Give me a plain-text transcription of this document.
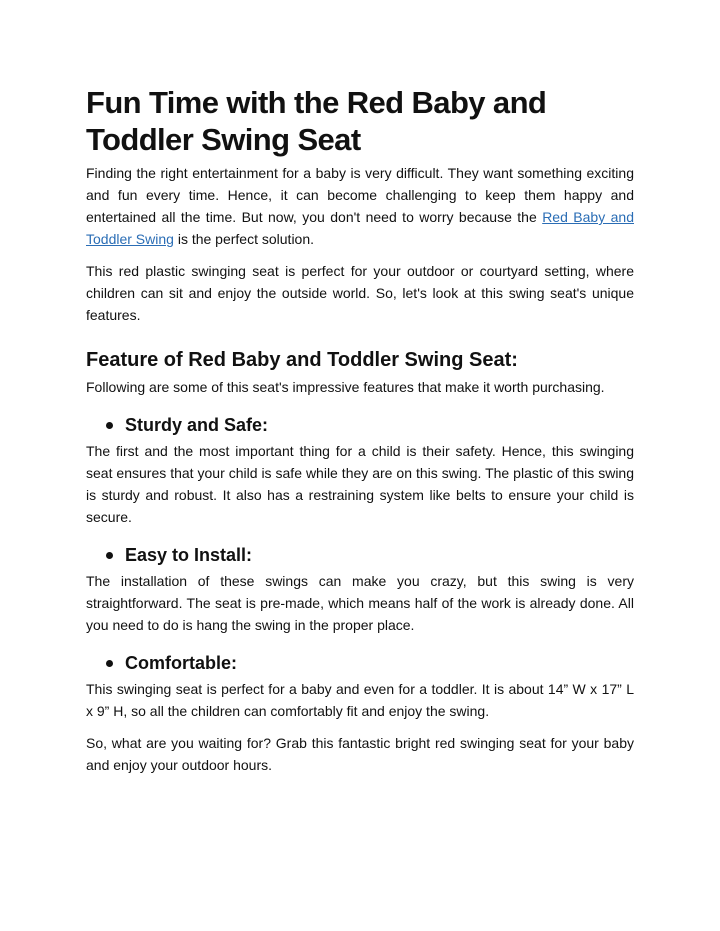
Fun Time with the Red Baby and Toddler Swing Seat

Finding the right entertainment for a baby is very difficult. They want something exciting and fun every time. Hence, it can become challenging to keep them happy and entertained all the time. But now, you don't need to worry because the Red Baby and Toddler Swing is the perfect solution.

This red plastic swinging seat is perfect for your outdoor or courtyard setting, where children can sit and enjoy the outside world. So, let's look at this swing seat's unique features.

Feature of Red Baby and Toddler Swing Seat:

Following are some of this seat's impressive features that make it worth purchasing.

Sturdy and Safe:

The first and the most important thing for a child is their safety. Hence, this swinging seat ensures that your child is safe while they are on this swing. The plastic of this swing is sturdy and robust. It also has a restraining system like belts to ensure your child is secure.

Easy to Install:

The installation of these swings can make you crazy, but this swing is very straightforward. The seat is pre-made, which means half of the work is already done. All you need to do is hang the swing in the proper place.

Comfortable:

This swinging seat is perfect for a baby and even for a toddler. It is about 14” W x 17” L x 9” H, so all the children can comfortably fit and enjoy the swing.

So, what are you waiting for? Grab this fantastic bright red swinging seat for your baby and enjoy your outdoor hours.
